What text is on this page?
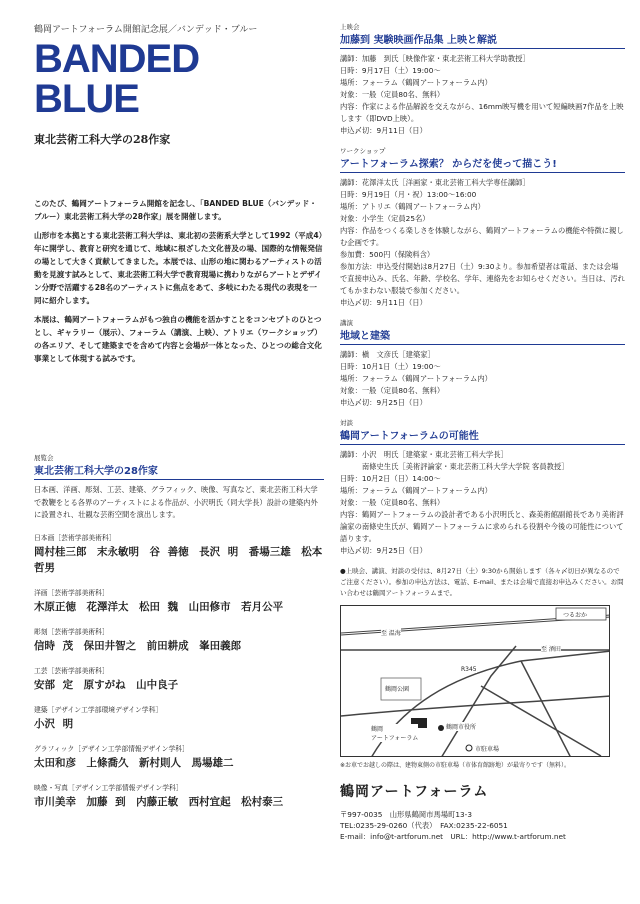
鶴岡アートフォーラム開館記念展／バンデッド・ブルー
BANDED
BLUE
東北芸術工科大学の28作家

このたび、鶴岡アートフォーラム開館を記念し、「BANDED BLUE（バンデッド・ブルー）東北芸術工科大学の28作家」展を開催します。

山形市を本拠とする東北芸術工科大学は、東北初の芸術系大学として1992（平成4）年に開学し、教育と研究を通じて、地域に根ざした文化普及の場、国際的な情報発信の場として大きく貢献してきました。本展では、山形の地に関わるアーティストの活動を見渡す試みとして、東北芸術工科大学で教育現場に携わりながらアートとデザイン分野で活躍する28名のアーティストに焦点をあて、多岐にわたる現代の表現を一同に紹介します。

本展は、鶴岡アートフォーラムがもつ独自の機能を活かすことをコンセプトのひとつとし、ギャラリー（展示）、フォーラム（講演、上映）、アトリエ（ワークショップ）の各エリア、そして建築までを含めて内容と会場が一体となった、ひとつの総合文化事業として体現する試みです。

展覧会
東北芸術工科大学の28作家
日本画、洋画、彫刻、工芸、建築、グラフィック、映像、写真など、東北芸術工科大学で教鞭をとる各界のアーティストによる作品が、小沢明氏（同大学長）設計の建築内外に設置され、壮観な芸術空間を演出します。
日本画［芸術学部美術科］
岡村桂三郎　末永敏明　谷 善徳　長沢 明　番場三雄　松本哲男
洋画［芸術学部美術科］
木原正徳　花澤洋太　松田 魏　山田修市　若月公平
彫刻［芸術学部美術科］
信時 茂　保田井智之　前田耕成　峯田義郎
工芸［芸術学部美術科］
安部 定　原すがね　山中良子
建築［デザイン工学部環境デザイン学科］
小沢 明
グラフィック［デザイン工学部情報デザイン学科］
太田和彦　上條喬久　新村則人　馬場雄二
映像・写真［デザイン工学部情報デザイン学科］
市川美幸　加藤 到　内藤正敏　西村宜起　松村泰三
上映会
加藤到 実験映画作品集 上映と解説
講師：加藤　到氏［映像作家・東北芸術工科大学助教授］
日時：9月17日（土）19:00〜
場所：フォーラム（鶴岡アートフォーラム内）
対象：一般（定員80名、無料）
内容：作家による作品解説を交えながら、16mm映写機を用いて短編映画7作品を上映します（即DVD上映）。
申込〆切：9月11日（日）
ワークショップ
アートフォーラム探索？ からだを使って描こう!
講師：花澤洋太氏［洋画家・東北芸術工科大学専任講師］
日時：9月19日（月・祝）13:00〜16:00
場所：アトリエ（鶴岡アートフォーラム内）
対象：小学生（定員25名）
内容：作品をつくる楽しさを体験しながら、鶴岡アートフォーラムの機能や特徴に親しむ企画です。
参加費：500円（保険料含）
参加方法：申込受付開始は8月27日（土）9:30より。参加希望者は電話、または会場で直接申込み、氏名、年齢、学校名、学年、連絡先をお知らせください。当日は、汚れてもかまわない服装で参加ください。
申込〆切：9月11日（日）
講演
地域と建築
講師：槇　文彦氏［建築家］
日時：10月1日（土）19:00〜
場所：フォーラム（鶴岡アートフォーラム内）
対象：一般（定員80名、無料）
申込〆切：9月25日（日）
対談
鶴岡アートフォーラムの可能性
講師：小沢　明氏［建築家・東北芸術工科大学長］
　　　南條史生氏［美術評論家・東北芸術工科大学大学院 客員教授］
日時：10月2日（日）14:00〜
場所：フォーラム（鶴岡アートフォーラム内）
対象：一般（定員80名、無料）
内容：鶴岡アートフォーラムの設計者である小沢明氏と、森美術館副館長であり美術評論家の南條史生氏が、鶴岡アートフォーラムに求められる役割や今後の可能性について語ります。
申込〆切：9月25日（日）
●上映会、講演、対談の受付は、8月27日（土）9:30から開始します（各々〆切日が異なるのでご注意ください）。参加の申込方法は、電話、E-mail、または会場で直接お申込みください。お問い合わせは鶴岡アートフォーラムまで。
つるおか
至 温海
至 酒田
R345
鶴岡公園
鶴岡
アートフォーラム
鶴岡市役所
市駐車場
※お車でお越しの際は、建物東側の市駐車場（市体育館跡地）が最寄りです（無料）。
鶴岡アートフォーラム
〒997-0035　山形県鶴岡市馬場町13-3
TEL:0235-29-0260（代表）　FAX:0235-22-6051
E-mail：info@t-artforum.net　URL：http://www.t-artforum.net
